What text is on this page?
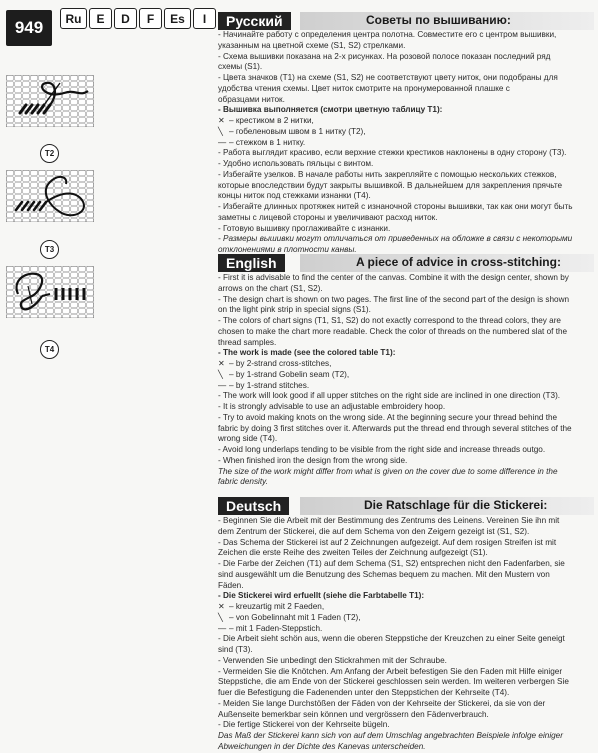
949	Ru	E	D	F	Es	I
T2
T3
T4
Русский	Советы по вышиванию:

- Начинайте работу с определения центра полотна. Совместите его с центром вышивки,

указанным на цветной схеме (S1, S2) стрелками.

- Схема вышивки показана на 2-х рисунках. На розовой полосе показан последний ряд

схемы (S1).

- Цвета значков (T1) на схеме (S1, S2) не соответствуют цвету ниток, они подобраны для

удобства чтения схемы. Цвет ниток смотрите на пронумерованной плашке с

образцами ниток.

- Вышивка выполняется (смотри цветную таблицу T1):

✕ – крестиком в 2 нитки,

╲ – гобеленовым швом в 1 нитку (T2),

— – стежком в 1 нитку.

- Работа выглядит красиво, если верхние стежки крестиков наклонены в одну сторону (T3).

- Удобно использовать пяльцы с винтом.

- Избегайте узелков. В начале работы нить закрепляйте с помощью нескольких стежков,

которые впоследствии будут закрыты вышивкой. В дальнейшем для закрепления прячьте

концы ниток под стежками изнанки (T4).

- Избегайте длинных протяжек нитей с изнаночной стороны вышивки, так как они могут быть

заметны с лицевой стороны и увеличивают расход ниток.

- Готовую вышивку проглаживайте с изнанки.

- Размеры вышивки могут отличаться от приведенных на обложке в связи с некоторыми

отклонениями в плотности канвы.

English	A piece of advice in cross-stitching:

- First it is advisable to find the center of the canvas. Combine it with the design center, shown by

arrows on the chart (S1, S2).

- The design chart is shown on two pages. The first line of the second part of the design is shown

on the light pink strip in special signs (S1).

- The colors of chart signs (T1, S1, S2) do not exactly correspond to the thread colors, they are

chosen to make the chart more readable. Check the color of threads on the numbered slat of the

thread samples.

- The work is made (see the colored table T1):

✕ – by 2-strand cross-stitches,

╲ – by 1-strand Gobelin seam (T2),

— – by 1-strand stitches.

- The work will look good if all upper stitches on the right side are inclined in one direction (T3).

- It is strongly advisable to use an adjustable embroidery hoop.

- Try to avoid making knots on the wrong side. At the beginning secure your thread behind the

fabric by doing 3 first stitches over it. Afterwards put the thread end through several stitches of the

wrong side (T4).

- Avoid long underlaps tending to be visible from the right side and increase threads outgo.

- When finished iron the design from the wrong side.

The size of the work might differ from what is given on the cover due to some difference in the

fabric density.

Deutsch	Die Ratschlage für die Stickerei:

- Beginnen Sie die Arbeit mit der Bestimmung des Zentrums des Leinens. Vereinen Sie ihn mit

dem Zentrum der Stickerei, die auf dem Schema von den Zeigern gezeigt ist (S1, S2).

- Das Schema der Stickerei ist auf 2 Zeichnungen aufgezeigt. Auf dem rosigen Streifen ist mit

Zeichen die erste Reihe des zweiten Teiles der Zeichnung aufgezeigt (S1).

- Die Farbe der Zeichen (T1) auf dem Schema (S1, S2) entsprechen nicht den Fadenfarben, sie

sind ausgewählt um die Benutzung des Schemas bequem zu machen. Mit den Mustern von

Fäden.

- Die Stickerei wird erfuellt (siehe die Farbtabelle T1):

✕ – kreuzartig mit 2 Faeden,

╲ – von Gobelinnaht mit 1 Faden (T2),

— – mit 1 Faden-Steppstich.

- Die Arbeit sieht schön aus, wenn die oberen Steppstiche der Kreuzchen zu einer Seite geneigt

sind (T3).

- Verwenden Sie unbedingt den Stickrahmen mit der Schraube.

- Vermeiden Sie die Knötchen. Am Anfang der Arbeit befestigen Sie den Faden mit Hilfe einiger

Steppstiche, die am Ende von der Stickerei geschlossen sein werden. Im weiteren verbergen Sie

fuer die Befestigung die Fadenenden unter den Steppstichen der Kehrseite (T4).

- Meiden Sie lange Durchstößen der Fäden von der Kehrseite der Stickerei, da sie von der

Außenseite bemerkbar sein können und vergrössern den Fädenverbrauch.

- Die fertige Stickerei von der Kehrseite bügeln.

Das Maß der Stickerei kann sich von auf dem Umschlag angebrachten Beispiele infolge einiger

Abweichungen in der Dichte des Kanevas unterscheiden.
